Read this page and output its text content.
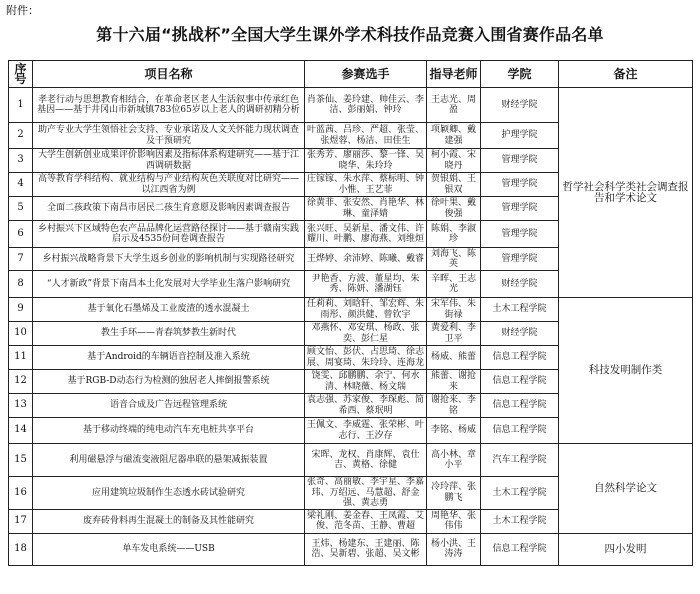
附件：
第十六届“挑战杯”全国大学生课外学术科技作品竞赛入围省赛作品名单
序号	项目名称	参赛选手	指导老师	学院	备注
1	孝老行动与思想教育相结合，在革命老区老人生活叙事中传承红色基因——基于井冈山市新城镇783位65岁以上老人的调研初精分析	肖茶仙、姜玲建、帅佳云、李洁、彭丽娟、钟玲	王志光、周盈	财经学院	哲学社会科学类社会调查报告和学术论文
2	助产专业大学生领悟社会支持、专业承诺及人文关怀能力现状调查及干预研究	叶蓝茜、吕珍、严超、张莹、张煜蓉、杨洁、田佳生	项颖卿、戴建强	护理学院	
3	大学生创新创业成果评价影响因素及指标体系构建研究——基于江西调研数据	张秀芳、廖丽莎、黎一锋、吴晓华、朱玲玲	柯小霞、宋晓丹	管理学院	
4	高等教育学科结构、就业结构与产业结构灰色关联度对比研究——以江西省为例	庄镓镓、朱水萍、蔡标明、钟小惟、王艺菲	贺银娟、王银双	管理学院	
5	全面二孩政策下南昌市居民二孩生育意愿及影响因素调查报告	徐黄菲、张安然、肖艳华、林琳、童泽婧	徐叶果、戴俊强	管理学院	
6	乡村振兴下区域特色农产品品牌化运营路径探讨——基于赣南实践启示及4535份问卷调查报告	张兴旺、吴新星、潘文伟、许耀川、叶鹏、廖海燕、刘维烜	陈娟、李淑珍	管理学院	
7	乡村振兴战略背景下大学生返乡创业的影响机制与实现路径研究	王烨婷、余沛婷、陈曦、戴睿	刘海飞、陈英	管理学院	
8	“人才新政”背景下南昌本土化发展对大学毕业生落户影响研究	尹艳香、方波、董星均、朱秀、陈妍、潘湖钰	辛晖、王志光	财经学院	
9	基于氧化石墨烯及工业废渣的透水混凝土	任莉莉、刘晗轩、邹宏辉、朱雨彤、颜洪健、曾钦宇	宋军伟、朱街禄	土木工程学院	科技发明制作类
10	教生手环——青春筑梦教生新时代	邓燕怀、邓安琪、杨政、张奕、彭仁星	黄爱利、李卫平	财经学院	
11	基于Android的车辆语音控制及准入系统	顾文怡、彭伏、占思琦、徐志展、周宴琦、朱玲玲、连海龙	杨威、熊蕾	信息工程学院	
12	基于RGB-D动态行为检测的独居老人摔倒报警系统	饶雯、邱鹏鹏、余宁、何水清、林晓薇、杨文瑞	熊蕾、谢抢来	信息工程学院	
13	语音合成及广告远程管理系统	袁志强、苏家俊、李琛彪、简希西、蔡珉明	谢抢来、李铭	信息工程学院	
14	基于移动终端的纯电动汽车充电桩共享平台	王佩文、李威霆、张荣彬、叶志行、王汐存	李铭、杨威	信息工程学院	
15	利用磁悬浮与磁流变液阻尼器串联的悬架减振装置	宋晖、龙权、肖康辉、袁仕吉、黄格、徐健	高小林、章小平	汽车工程学院	自然科学论文
16	应用建筑垃圾制作生态透水砖试验研究	张奇、高丽敏、李宇星、李嘉玮、万绍远、马慧超、舒金强、黄志勇	冷玲萍、张鹏飞	土木工程学院	
17	废弃砖骨料再生混凝土的制备及其性能研究	梁礼刚、姜金春、王凤霞、艾俊、范冬苗、王静、曹超	周艳华、张伟伟	土木工程学院	
18	单车发电系统——USB	王炜、杨建东、王建丽、陈浩、吴新碧、张超、吴文彬	杨小洪、王涛涛	信息工程学院	四小发明
